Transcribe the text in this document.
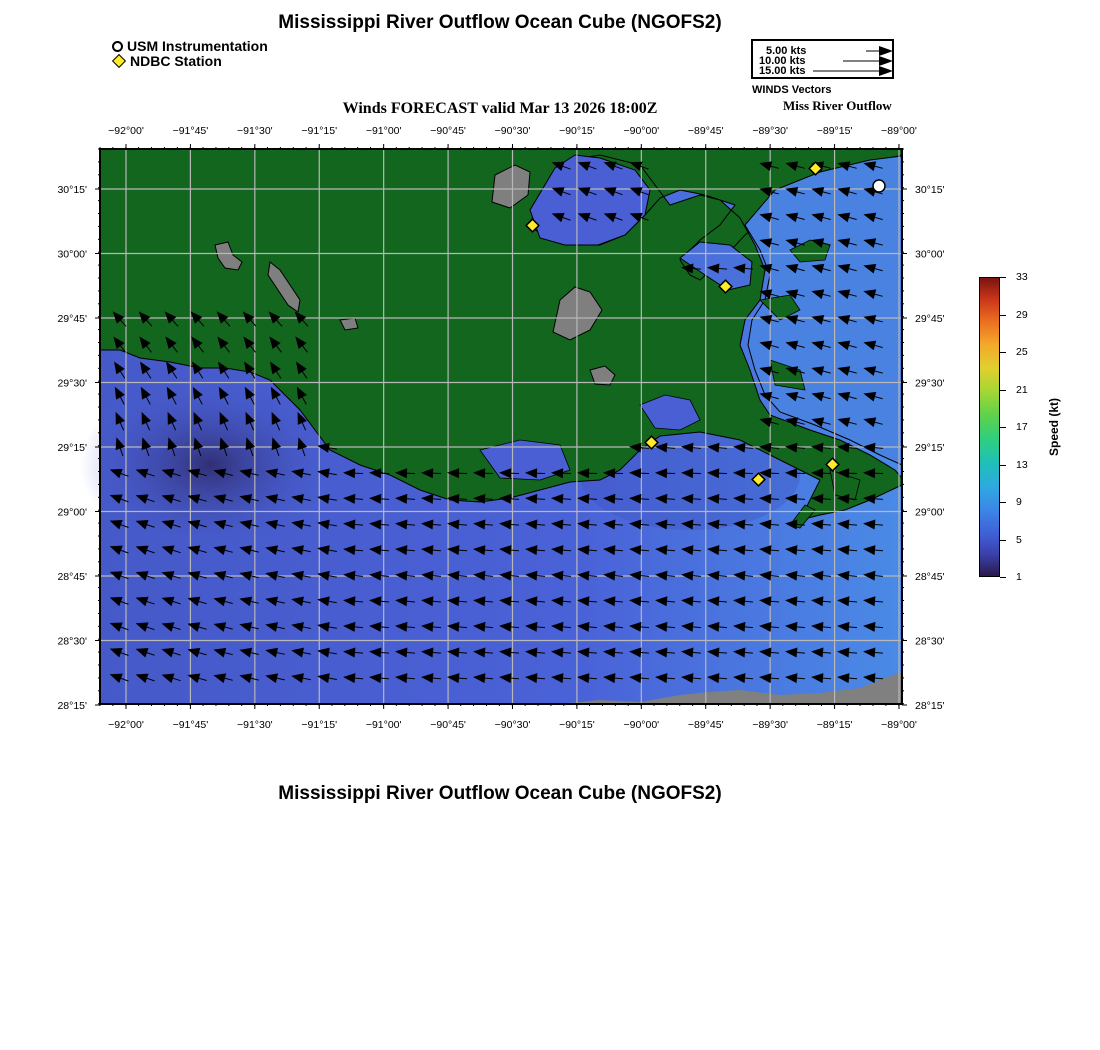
Mississippi River Outflow Ocean Cube (NGOFS2)
USM Instrumentation
NDBC Station
5.00 kts
10.00 kts
15.00 kts
WINDS Vectors
Miss River Outflow
Winds FORECAST valid Mar 13 2026 18:00Z
−92°00'	−91°45'	−91°30'	−91°15'	−91°00'	−90°45'	−90°30'	−90°15'	−90°00'	−89°45'	−89°30'	−89°15'	−89°00'
−92°00'	−91°45'	−91°30'	−91°15'	−91°00'	−90°45'	−90°30'	−90°15'	−90°00'	−89°45'	−89°30'	−89°15'	−89°00'
30°15'
30°00'
29°45'
29°30'
29°15'
29°00'
28°45'
28°30'
28°15'
30°15'
30°00'
29°45'
29°30'
29°15'
29°00'
28°45'
28°30'
28°15'
33
29
25
21
17
13
9
5
1
Speed (kt)
Mississippi River Outflow Ocean Cube (NGOFS2)
